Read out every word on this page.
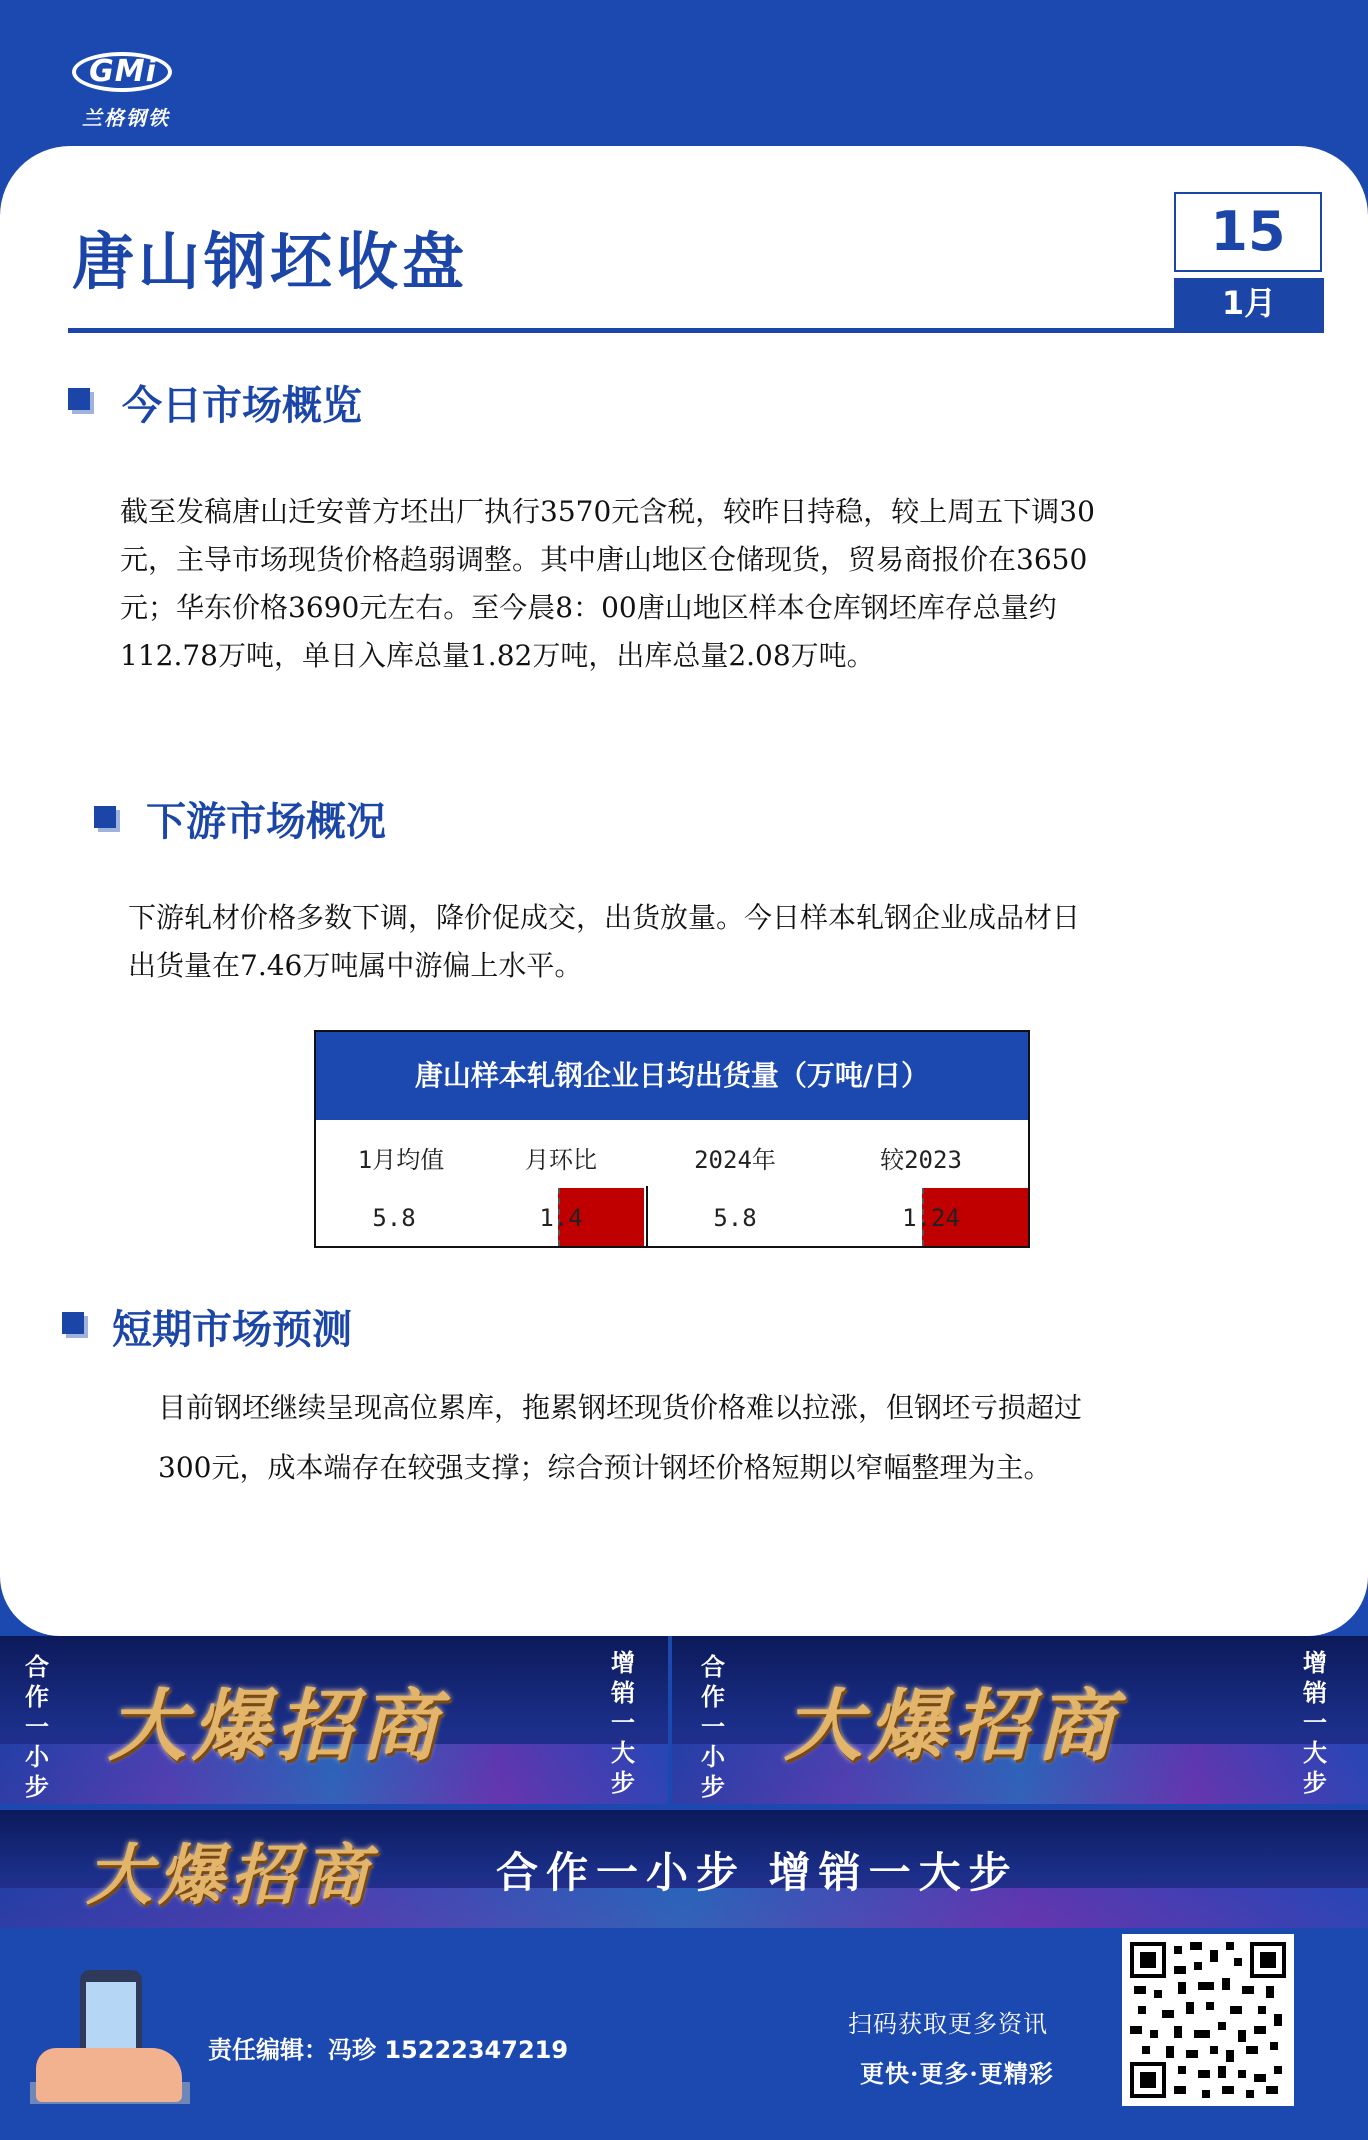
GMi
兰格钢铁
唐山钢坯收盘	15
1月
今日市场概览
截至发稿唐山迁安普方坯出厂执行3570元含税，较昨日持稳，较上周五下调30
元，主导市场现货价格趋弱调整。其中唐山地区仓储现货，贸易商报价在3650
元；华东价格3690元左右。至今晨8：00唐山地区样本仓库钢坯库存总量约
112.78万吨，单日入库总量1.82万吨，出库总量2.08万吨。
下游市场概况
下游轧材价格多数下调，降价促成交，出货放量。今日样本轧钢企业成品材日
出货量在7.46万吨属中游偏上水平。
唐山样本轧钢企业日均出货量（万吨/日）
1月均值	月环比	2024年	较2023
5.8	1.4	5.8	1.24
短期市场预测
目前钢坯继续呈现高位累库，拖累钢坯现货价格难以拉涨，但钢坯亏损超过
300元，成本端存在较强支撑；综合预计钢坯价格短期以窄幅整理为主。
合作一小步
大爆招商
增销一大步
合作一小步
大爆招商
增销一大步
大爆招商	合作一小步 增销一大步
责任编辑：冯珍 15222347219
扫码获取更多资讯
更快·更多·更精彩
